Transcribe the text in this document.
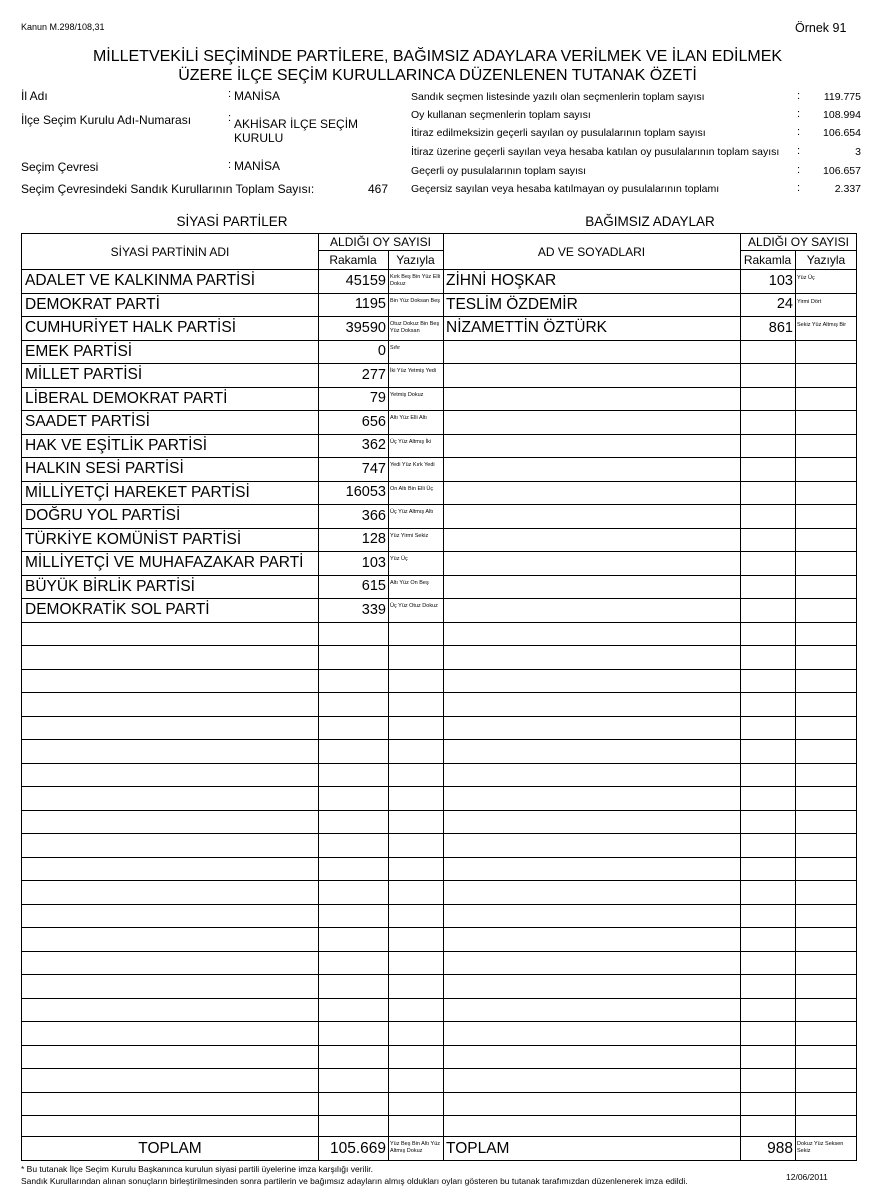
Kanun M.298/108,31	Örnek 91
MİLLETVEKİLİ SEÇİMİNDE PARTİLERE, BAĞIMSIZ ADAYLARA VERİLMEK VE İLAN EDİLMEK
ÜZERE İLÇE SEÇİM KURULLARINCA DÜZENLENEN TUTANAK ÖZETİ
İl Adı	: MANİSA
İlçe Seçim Kurulu Adı-Numarası	: AKHİSAR İLÇE SEÇİM
KURULU
Seçim Çevresi	: MANİSA
Seçim Çevresindeki Sandık Kurullarının Toplam Sayısı:	467
Sandık seçmen listesinde yazılı olan seçmenlerin toplam sayısı	:	119.775
Oy kullanan seçmenlerin toplam sayısı	:	108.994
İtiraz edilmeksizin geçerli sayılan oy pusulalarının toplam sayısı	:	106.654
İtiraz üzerine geçerli sayılan veya hesaba katılan oy pusulalarının toplam sayısı :	3
Geçerli oy pusulalarının toplam sayısı	:	106.657
Geçersiz sayılan veya hesaba katılmayan oy pusulalarının toplamı	:	2.337
SİYASİ PARTİLER	BAĞIMSIZ ADAYLAR
SİYASİ PARTİNİN ADI
ALDIĞI OY SAYISI
Rakamla	Yazıyla
AD VE SOYADLARI
ALDIĞI OY SAYISI
Rakamla	Yazıyla
ADALET VE KALKINMA PARTİSİ	45159 Kırk Beş Bin Yüz Elli Dokuz
DEMOKRAT PARTİ	1195 Bin Yüz Doksan Beş
CUMHURİYET HALK PARTİSİ	39590 Otuz Dokuz Bin Beş Yüz Doksan
EMEK PARTİSİ	0 Sıfır
MİLLET PARTİSİ	277 İki Yüz Yetmiş Yedi
LİBERAL DEMOKRAT PARTİ	79 Yetmiş Dokuz
SAADET PARTİSİ	656 Altı Yüz Elli Altı
HAK VE EŞİTLİK PARTİSİ	362 Üç Yüz Altmış İki
HALKIN SESİ PARTİSİ	747 Yedi Yüz Kırk Yedi
MİLLİYETÇİ HAREKET PARTİSİ	16053 On Altı Bin Elli Üç
DOĞRU YOL PARTİSİ	366 Üç Yüz Altmış Altı
TÜRKİYE KOMÜNİST PARTİSİ	128 Yüz Yirmi Sekiz
MİLLİYETÇİ VE MUHAFAZAKAR PARTİ	103 Yüz Üç
BÜYÜK BİRLİK PARTİSİ	615 Altı Yüz On Beş
DEMOKRATİK SOL PARTİ	339 Üç Yüz Otuz Dokuz
ZİHNİ HOŞKAR	103 Yüz Üç
TESLİM ÖZDEMİR	24 Yirmi Dört
NİZAMETTİN ÖZTÜRK	861 Sekiz Yüz Altmış Bir
TOPLAM	105.669 Yüz Beş Bin Altı Yüz Altmış Dokuz	TOPLAM	988 Dokuz Yüz Seksen Sekiz
* Bu tutanak İlçe Seçim Kurulu Başkanınca kurulun siyasi partili üyelerine imza karşılığı verilir.
Sandık Kurullarından alınan sonuçların birleştirilmesinden sonra partilerin ve bağımsız adayların almış oldukları oyları gösteren bu tutanak tarafımızdan düzenlenerek imza edildi.	12/06/2011
